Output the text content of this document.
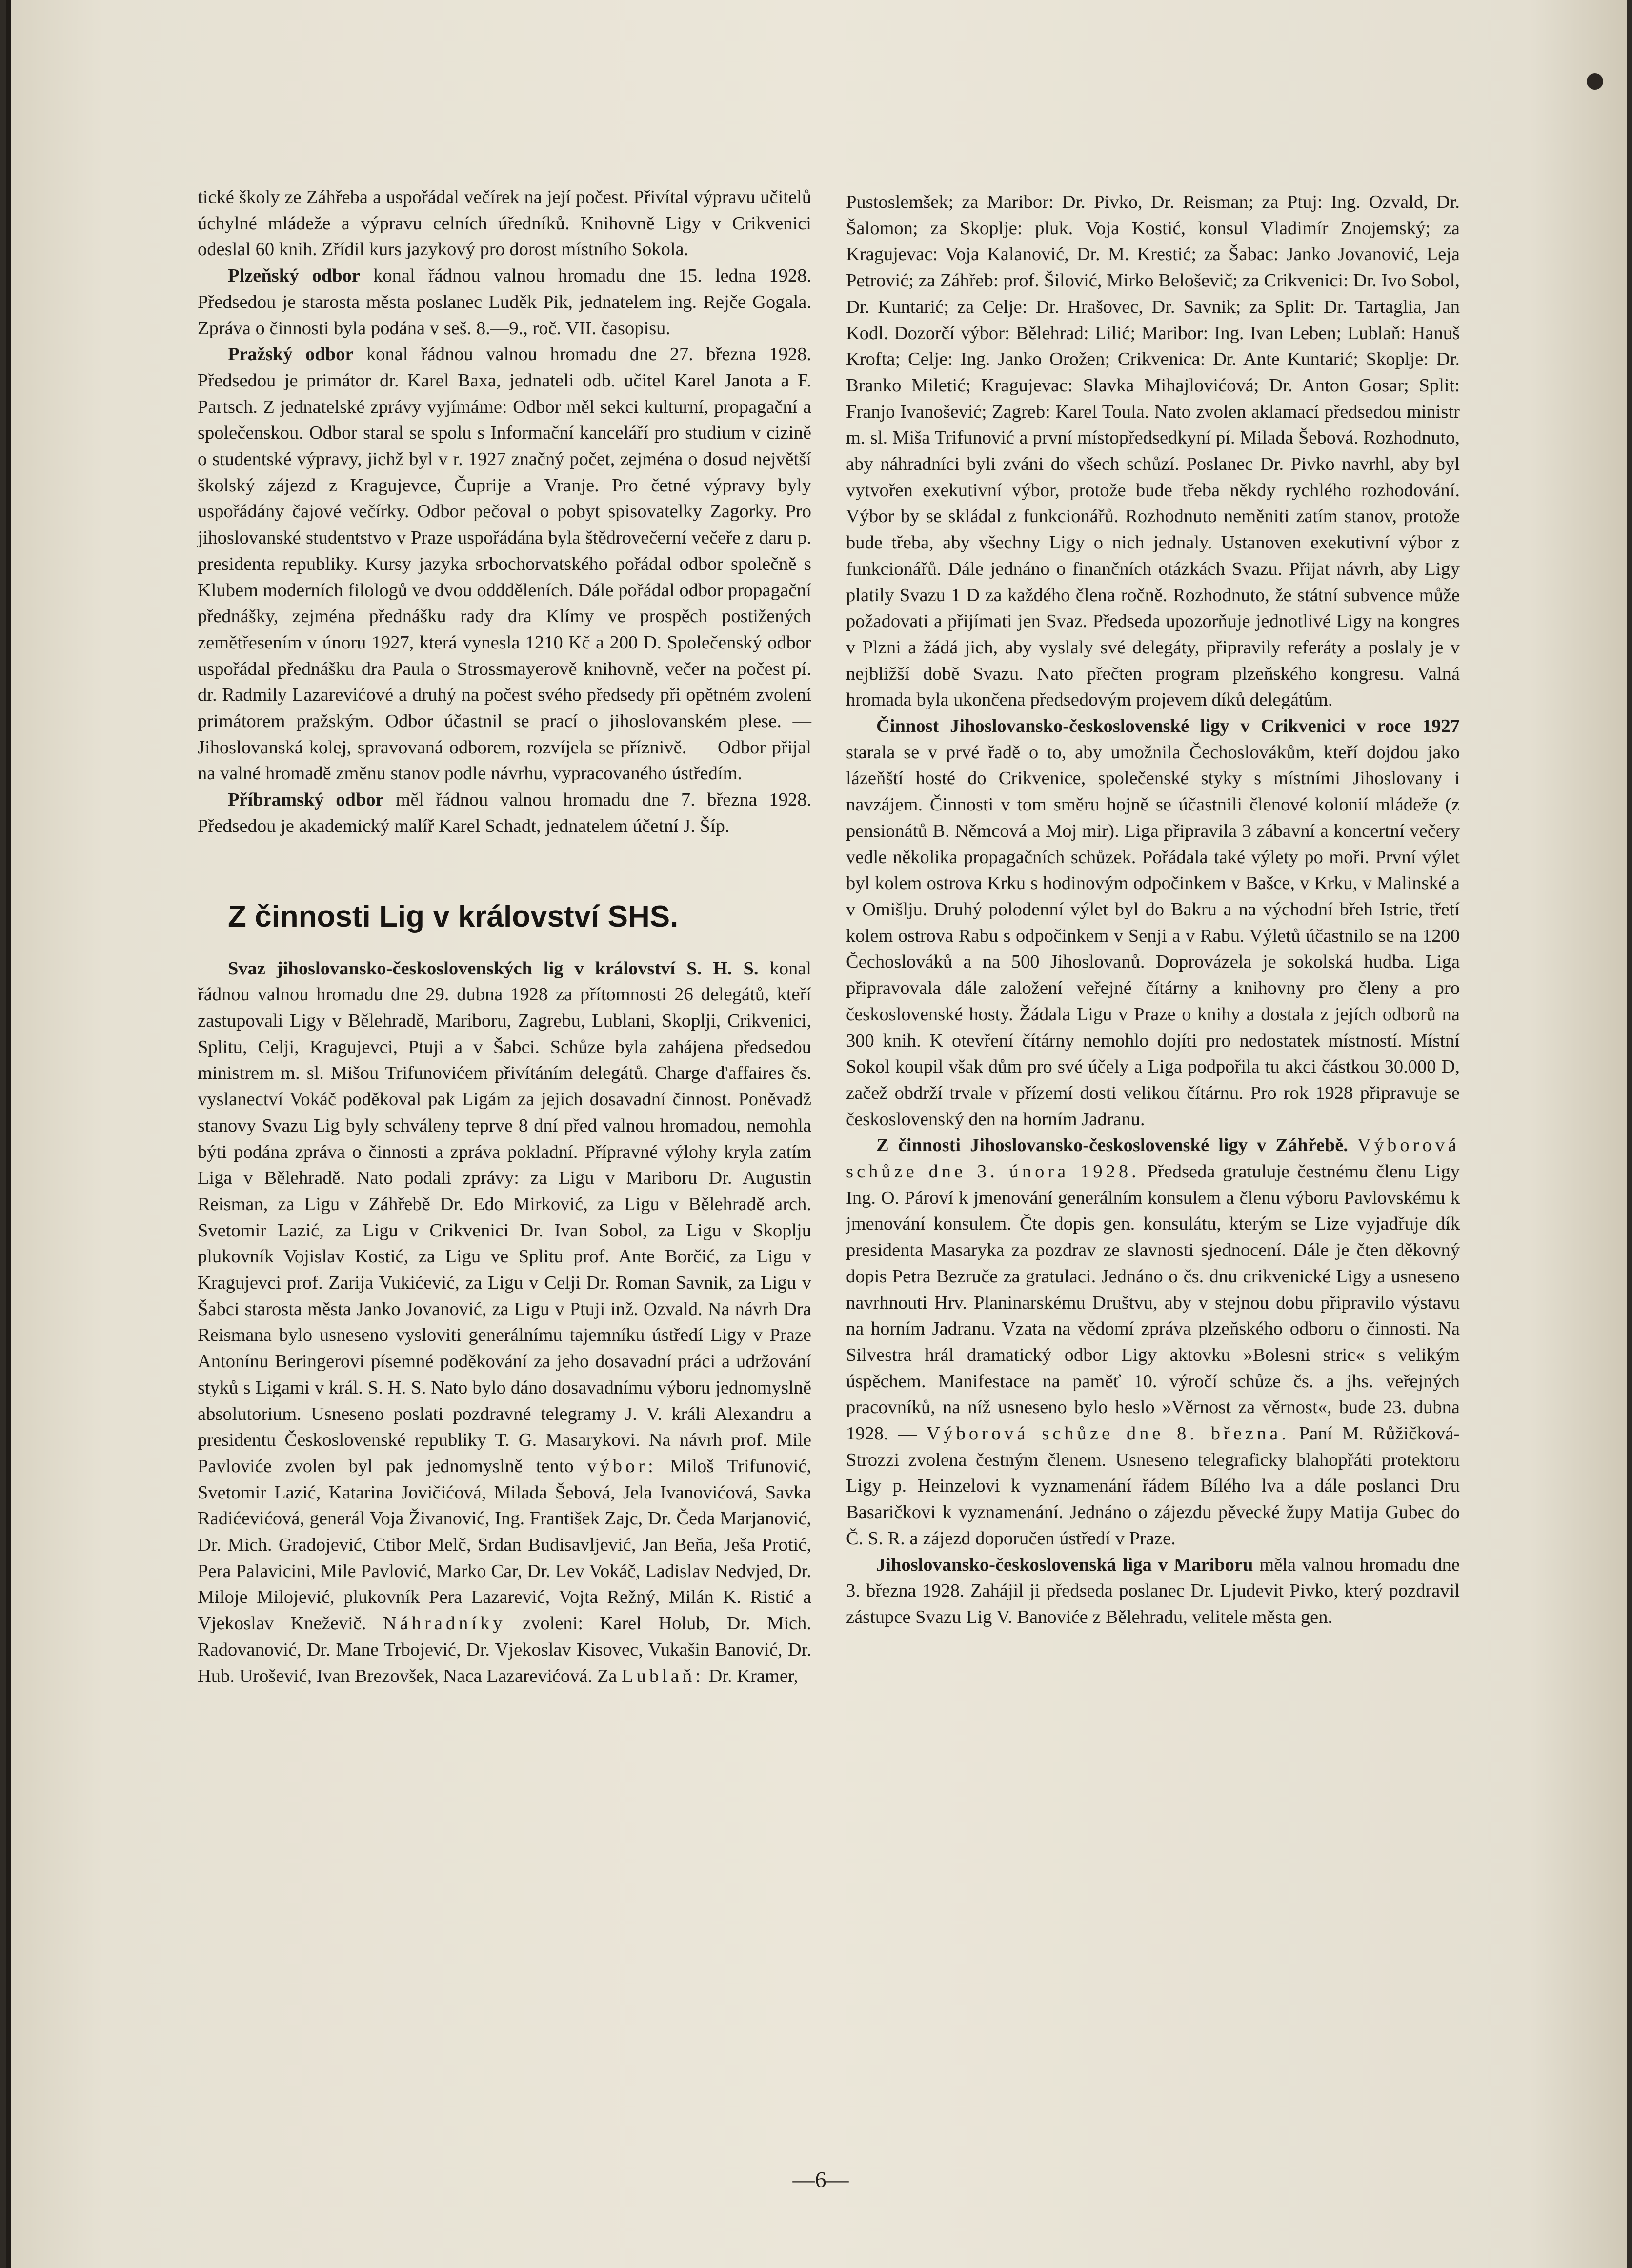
tické školy ze Záhřeba a uspořádal večírek na její počest. Přivítal výpravu učitelů úchylné mládeže a výpravu celních úředníků. Knihovně Ligy v Crikvenici odeslal 60 knih. Zřídil kurs jazykový pro dorost místního Sokola.

Plzeňský odbor konal řádnou valnou hromadu dne 15. ledna 1928. Předsedou je starosta města poslanec Luděk Pik, jednatelem ing. Rejče Gogala. Zpráva o činnosti byla podána v seš. 8.—9., roč. VII. časopisu.

Pražský odbor konal řádnou valnou hromadu dne 27. března 1928. Předsedou je primátor dr. Karel Baxa, jednateli odb. učitel Karel Janota a F. Partsch. Z jednatelské zprávy vyjímáme: Odbor měl sekci kulturní, propagační a společenskou. Odbor staral se spolu s Informační kanceláří pro studium v cizině o studentské výpravy, jichž byl v r. 1927 značný počet, zejména o dosud největší školský zájezd z Kragujevce, Čuprije a Vranje. Pro četné výpravy byly uspořádány čajové večírky. Odbor pečoval o pobyt spisovatelky Zagorky. Pro jihoslovanské studentstvo v Praze uspořádána byla štědrovečerní večeře z daru p. presidenta republiky. Kursy jazyka srbochorvatského pořádal odbor společně s Klubem moderních filologů ve dvou oddděleních. Dále pořádal odbor propagační přednášky, zejména přednášku rady dra Klímy ve prospěch postižených zemětřesením v únoru 1927, která vynesla 1210 Kč a 200 D. Společenský odbor uspořádal přednášku dra Paula o Strossmayerově knihovně, večer na počest pí. dr. Radmily Lazarevićové a druhý na počest svého předsedy při opětném zvolení primátorem pražským. Odbor účastnil se prací o jihoslovanském plese. — Jihoslovanská kolej, spravovaná odborem, rozvíjela se příznivě. — Odbor přijal na valné hromadě změnu stanov podle návrhu, vypracovaného ústředím.

Příbramský odbor měl řádnou valnou hromadu dne 7. března 1928. Předsedou je akademický malíř Karel Schadt, jednatelem účetní J. Šíp.

Z činnosti Lig v království SHS.

Svaz jihoslovansko-československých lig v království S. H. S. konal řádnou valnou hromadu dne 29. dubna 1928 za přítomnosti 26 delegátů, kteří zastupovali Ligy v Bělehradě, Mariboru, Zagrebu, Lublani, Skoplji, Crikvenici, Splitu, Celji, Kragujevci, Ptuji a v Šabci. Schůze byla zahájena předsedou ministrem m. sl. Mišou Trifunovićem přivítáním delegátů. Charge d'affaires čs. vyslanectví Vokáč poděkoval pak Ligám za jejich dosavadní činnost. Poněvadž stanovy Svazu Lig byly schváleny teprve 8 dní před valnou hromadou, nemohla býti podána zpráva o činnosti a zpráva pokladní. Přípravné výlohy kryla zatím Liga v Bělehradě. Nato podali zprávy: za Ligu v Mariboru Dr. Augustin Reisman, za Ligu v Záhřebě Dr. Edo Mirković, za Ligu v Bělehradě arch. Svetomir Lazić, za Ligu v Crikvenici Dr. Ivan Sobol, za Ligu v Skoplju plukovník Vojislav Kostić, za Ligu ve Splitu prof. Ante Borčić, za Ligu v Kragujevci prof. Zarija Vukićević, za Ligu v Celji Dr. Roman Savnik, za Ligu v Šabci starosta města Janko Jovanović, za Ligu v Ptuji inž. Ozvald. Na návrh Dra Reismana bylo usneseno vysloviti generálnímu tajemníku ústředí Ligy v Praze Antonínu Beringerovi písemné poděkování za jeho dosavadní práci a udržování styků s Ligami v král. S. H. S. Nato bylo dáno dosavadnímu výboru jednomyslně absolutorium. Usneseno poslati pozdravné telegramy J. V. králi Alexandru a presidentu Československé republiky T. G. Masarykovi. Na návrh prof. Mile Pavloviće zvolen byl pak jednomyslně tento výbor: Miloš Trifunović, Svetomir Lazić, Katarina Jovičićová, Milada Šebová, Jela Ivanovićová, Savka Radićevićová, generál Voja Živanović, Ing. František Zajc, Dr. Čeda Marjanović, Dr. Mich. Gradojević, Ctibor Melč, Srdan Budisavljević, Jan Beňa, Ješa Protić, Pera Palavicini, Mile Pavlović, Marko Car, Dr. Lev Vokáč, Ladislav Nedvjed, Dr. Miloje Milojević, plukovník Pera Lazarević, Vojta Režný, Milán K. Ristić a Vjekoslav Kneževič. Náhradníky zvoleni: Karel Holub, Dr. Mich. Radovanović, Dr. Mane Trbojević, Dr. Vjekoslav Kisovec, Vukašin Banović, Dr. Hub. Urošević, Ivan Brezovšek, Naca Lazarevićová. Za Lublaň: Dr. Kramer,

Pustoslemšek; za Maribor: Dr. Pivko, Dr. Reisman; za Ptuj: Ing. Ozvald, Dr. Šalomon; za Skoplje: pluk. Voja Kostić, konsul Vladimír Znojemský; za Kragujevac: Voja Kalanović, Dr. M. Krestić; za Šabac: Janko Jovanović, Leja Petrović; za Záhřeb: prof. Šilović, Mirko Beloševič; za Crikvenici: Dr. Ivo Sobol, Dr. Kuntarić; za Celje: Dr. Hrašovec, Dr. Savnik; za Split: Dr. Tartaglia, Jan Kodl. Dozorčí výbor: Bělehrad: Lilić; Maribor: Ing. Ivan Leben; Lublaň: Hanuš Krofta; Celje: Ing. Janko Orožen; Crikvenica: Dr. Ante Kuntarić; Skoplje: Dr. Branko Miletić; Kragujevac: Slavka Mihajlovićová; Dr. Anton Gosar; Split: Franjo Ivanošević; Zagreb: Karel Toula. Nato zvolen aklamací předsedou ministr m. sl. Miša Trifunović a první místopředsedkyní pí. Milada Šebová. Rozhodnuto, aby náhradníci byli zváni do všech schůzí. Poslanec Dr. Pivko navrhl, aby byl vytvořen exekutivní výbor, protože bude třeba někdy rychlého rozhodování. Výbor by se skládal z funkcionářů. Rozhodnuto neměniti zatím stanov, protože bude třeba, aby všechny Ligy o nich jednaly. Ustanoven exekutivní výbor z funkcionářů. Dále jednáno o finančních otázkách Svazu. Přijat návrh, aby Ligy platily Svazu 1 D za každého člena ročně. Rozhodnuto, že státní subvence může požadovati a přijímati jen Svaz. Předseda upozorňuje jednotlivé Ligy na kongres v Plzni a žádá jich, aby vyslaly své delegáty, připravily referáty a poslaly je v nejbližší době Svazu. Nato přečten program plzeňského kongresu. Valná hromada byla ukončena předsedovým projevem díků delegátům.

Činnost Jihoslovansko-československé ligy v Crikvenici v roce 1927 starala se v prvé řadě o to, aby umožnila Čechoslovákům, kteří dojdou jako lázeňští hosté do Crikvenice, společenské styky s místními Jihoslovany i navzájem. Činnosti v tom směru hojně se účastnili členové kolonií mládeže (z pensionátů B. Němcová a Moj mir). Liga připravila 3 zábavní a koncertní večery vedle několika propagačních schůzek. Pořádala také výlety po moři. První výlet byl kolem ostrova Krku s hodinovým odpočinkem v Bašce, v Krku, v Malinské a v Omišlju. Druhý polodenní výlet byl do Bakru a na východní břeh Istrie, třetí kolem ostrova Rabu s odpočinkem v Senji a v Rabu. Výletů účastnilo se na 1200 Čechoslováků a na 500 Jihoslovanů. Doprovázela je sokolská hudba. Liga připravovala dále založení veřejné čítárny a knihovny pro členy a pro československé hosty. Žádala Ligu v Praze o knihy a dostala z jejích odborů na 300 knih. K otevření čítárny nemohlo dojíti pro nedostatek místností. Místní Sokol koupil však dům pro své účely a Liga podpořila tu akci částkou 30.000 D, začež obdrží trvale v přízemí dosti velikou čítárnu. Pro rok 1928 připravuje se československý den na horním Jadranu.

Z činnosti Jihoslovansko-československé ligy v Záhřebě. Výborová schůze dne 3. února 1928. Předseda gratuluje čestnému členu Ligy Ing. O. Pároví k jmenování generálním konsulem a členu výboru Pavlovskému k jmenování konsulem. Čte dopis gen. konsulátu, kterým se Lize vyjadřuje dík presidenta Masaryka za pozdrav ze slavnosti sjednocení. Dále je čten děkovný dopis Petra Bezruče za gratulaci. Jednáno o čs. dnu crikvenické Ligy a usneseno navrhnouti Hrv. Planinarskému Društvu, aby v stejnou dobu připravilo výstavu na horním Jadranu. Vzata na vědomí zpráva plzeňského odboru o činnosti. Na Silvestra hrál dramatický odbor Ligy aktovku »Bolesni stric« s velikým úspěchem. Manifestace na paměť 10. výročí schůze čs. a jhs. veřejných pracovníků, na níž usneseno bylo heslo »Věrnost za věrnost«, bude 23. dubna 1928. — Výborová schůze dne 8. března. Paní M. Růžičková-Strozzi zvolena čestným členem. Usneseno telegraficky blahopřáti protektoru Ligy p. Heinzelovi k vyznamenání řádem Bílého lva a dále poslanci Dru Basaričkovi k vyznamenání. Jednáno o zájezdu pěvecké župy Matija Gubec do Č. S. R. a zájezd doporučen ústředí v Praze.

Jihoslovansko-československá liga v Mariboru měla valnou hromadu dne 3. března 1928. Zahájil ji předseda poslanec Dr. Ljudevit Pivko, který pozdravil zástupce Svazu Lig V. Banoviće z Bělehradu, velitele města gen.

—6—
